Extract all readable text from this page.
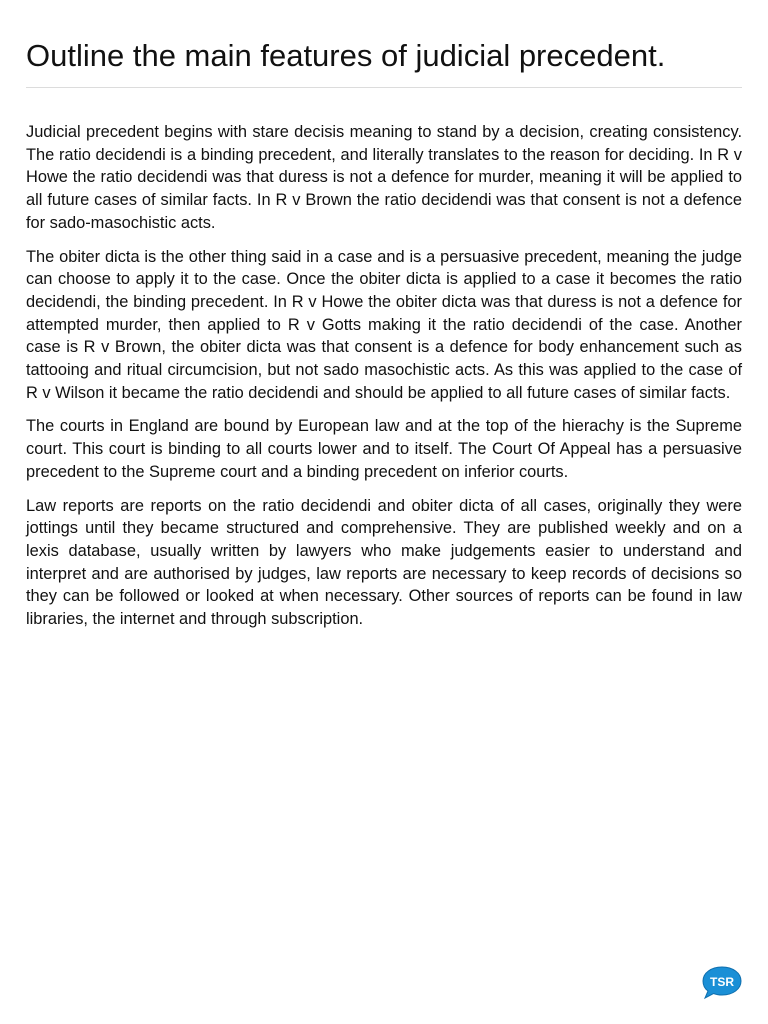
Outline the main features of judicial precedent.

Judicial precedent begins with stare decisis meaning to stand by a decision, creating consistency. The ratio decidendi is a binding precedent, and literally translates to the reason for deciding. In R v Howe the ratio decidendi was that duress is not a defence for murder, meaning it will be applied to all future cases of similar facts. In R v Brown the ratio decidendi was that consent is not a defence for sado-masochistic acts.

The obiter dicta is the other thing said in a case and is a persuasive precedent, meaning the judge can choose to apply it to the case. Once the obiter dicta is applied to a case it becomes the ratio decidendi, the binding precedent. In R v Howe the obiter dicta was that duress is not a defence for attempted murder, then applied to R v Gotts making it the ratio decidendi of the case. Another case is R v Brown, the obiter dicta was that consent is a defence for body enhancement such as tattooing and ritual circumcision, but not sado masochistic acts. As this was applied to the case of R v Wilson it became the ratio decidendi and should be applied to all future cases of similar facts.

The courts in England are bound by European law and at the top of the hierachy is the Supreme court. This court is binding to all courts lower and to itself. The Court Of Appeal has a persuasive precedent to the Supreme court and a binding precedent on inferior courts.

Law reports are reports on the ratio decidendi and obiter dicta of all cases, originally they were jottings until they became structured and comprehensive. They are published weekly and on a lexis database, usually written by lawyers who make judgements easier to understand and interpret and are authorised by judges, law reports are necessary to keep records of decisions so they can be followed or looked at when necessary. Other sources of reports can be found in law libraries, the internet and through subscription.

TSR
